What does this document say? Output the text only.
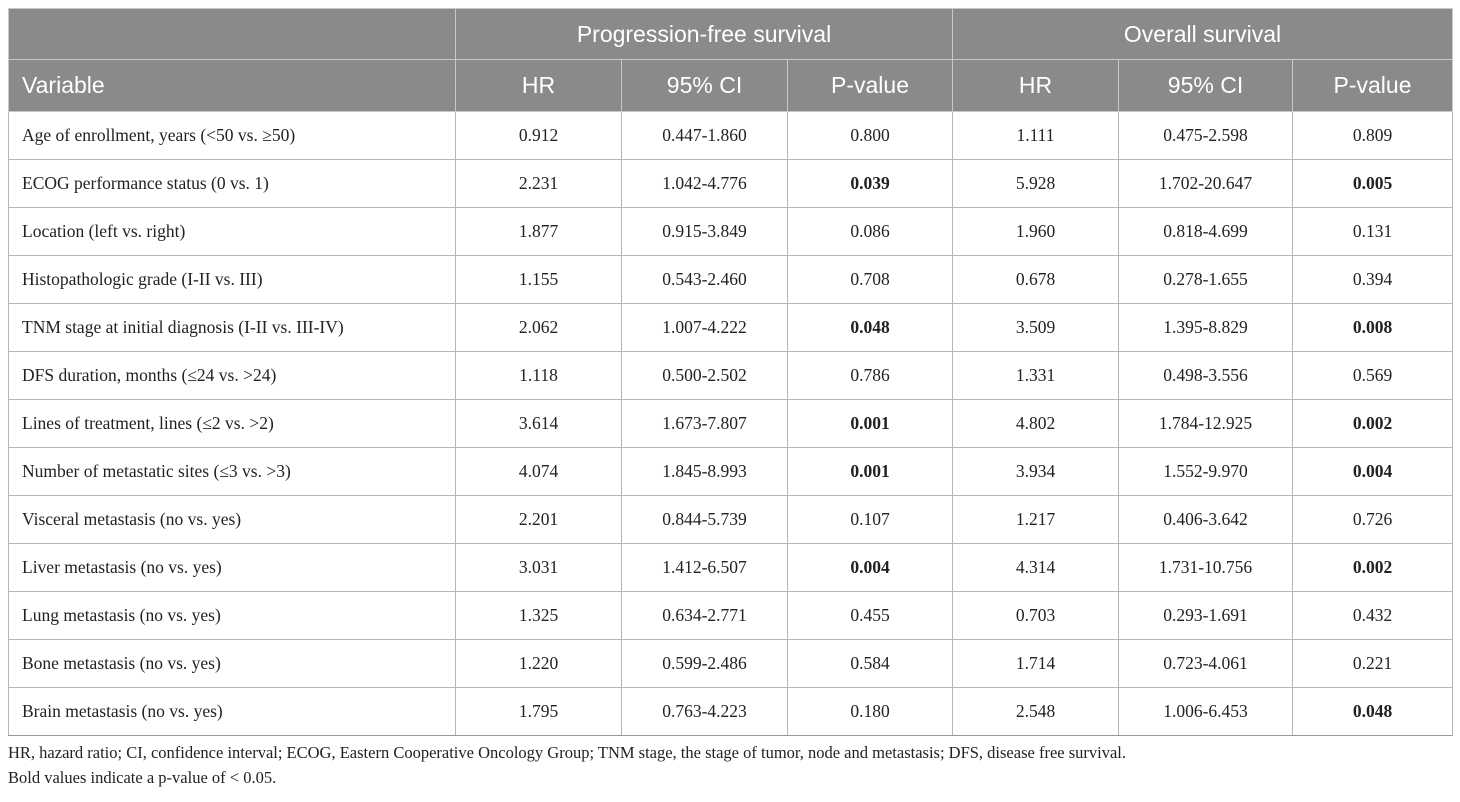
	Progression-free survival			Overall survival		
Variable	HR	95% CI	P-value	HR	95% CI	P-value
Age of enrollment, years (<50 vs. ≥50)	0.912	0.447-1.860	0.800	1.111	0.475-2.598	0.809
ECOG performance status (0 vs. 1)	2.231	1.042-4.776	0.039	5.928	1.702-20.647	0.005
Location (left vs. right)	1.877	0.915-3.849	0.086	1.960	0.818-4.699	0.131
Histopathologic grade (I-II vs. III)	1.155	0.543-2.460	0.708	0.678	0.278-1.655	0.394
TNM stage at initial diagnosis (I-II vs. III-IV)	2.062	1.007-4.222	0.048	3.509	1.395-8.829	0.008
DFS duration, months (≤24 vs. >24)	1.118	0.500-2.502	0.786	1.331	0.498-3.556	0.569
Lines of treatment, lines (≤2 vs. >2)	3.614	1.673-7.807	0.001	4.802	1.784-12.925	0.002
Number of metastatic sites (≤3 vs. >3)	4.074	1.845-8.993	0.001	3.934	1.552-9.970	0.004
Visceral metastasis (no vs. yes)	2.201	0.844-5.739	0.107	1.217	0.406-3.642	0.726
Liver metastasis (no vs. yes)	3.031	1.412-6.507	0.004	4.314	1.731-10.756	0.002
Lung metastasis (no vs. yes)	1.325	0.634-2.771	0.455	0.703	0.293-1.691	0.432
Bone metastasis (no vs. yes)	1.220	0.599-2.486	0.584	1.714	0.723-4.061	0.221
Brain metastasis (no vs. yes)	1.795	0.763-4.223	0.180	2.548	1.006-6.453	0.048
HR, hazard ratio; CI, confidence interval; ECOG, Eastern Cooperative Oncology Group; TNM stage, the stage of tumor, node and metastasis; DFS, disease free survival.
Bold values indicate a p-value of < 0.05.
